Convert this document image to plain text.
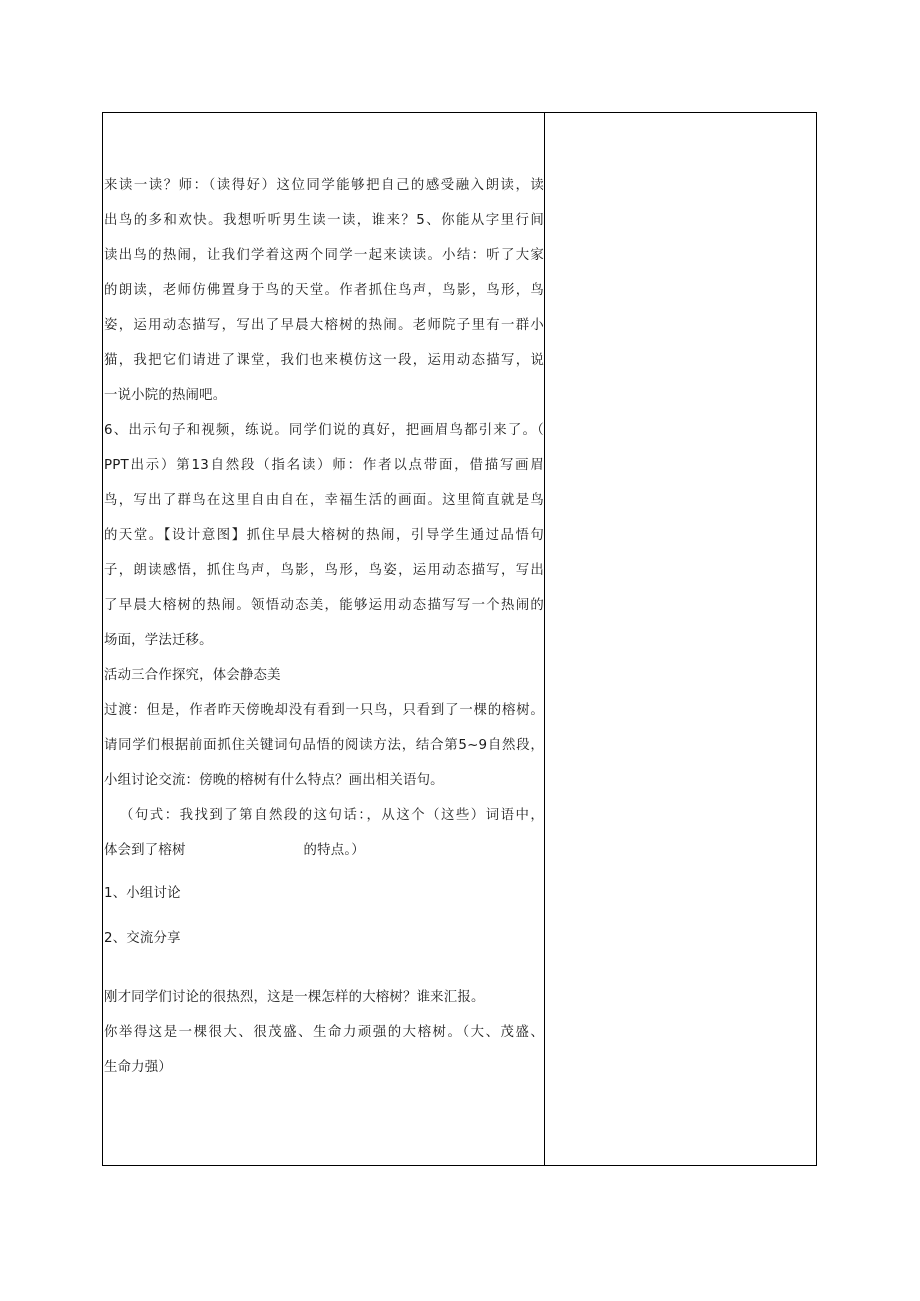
来读一读？师：（读得好）这位同学能够把自己的感受融入朗读，读
出鸟的多和欢快。我想听听男生读一读，谁来？5、你能从字里行间
读出鸟的热闹，让我们学着这两个同学一起来读读。小结：听了大家
的朗读，老师仿佛置身于鸟的天堂。作者抓住鸟声，鸟影，鸟形，鸟
姿，运用动态描写，写出了早晨大榕树的热闹。老师院子里有一群小
猫，我把它们请进了课堂，我们也来模仿这一段，运用动态描写，说
一说小院的热闹吧。
6、出示句子和视频，练说。同学们说的真好，把画眉鸟都引来了。（
PPT出示）第13自然段（指名读）师：作者以点带面，借描写画眉
鸟，写出了群鸟在这里自由自在，幸福生活的画面。这里简直就是鸟
的天堂。【设计意图】抓住早晨大榕树的热闹，引导学生通过品悟句
子，朗读感悟，抓住鸟声，鸟影，鸟形，鸟姿，运用动态描写，写出
了早晨大榕树的热闹。领悟动态美，能够运用动态描写写一个热闹的
场面，学法迁移。
活动三合作探究，体会静态美
过渡：但是，作者昨天傍晚却没有看到一只鸟，只看到了一棵的榕树。
请同学们根据前面抓住关键词句品悟的阅读方法，结合第5~9自然段，
小组讨论交流：傍晚的榕树有什么特点？画出相关语句。
（句式：我找到了第自然段的这句话：，从这个（这些）词语中，
体会到了榕树	的特点。）
1、小组讨论
2、交流分享
刚才同学们讨论的很热烈，这是一棵怎样的大榕树？谁来汇报。
你举得这是一棵很大、很茂盛、生命力顽强的大榕树。（大、茂盛、
生命力强）
